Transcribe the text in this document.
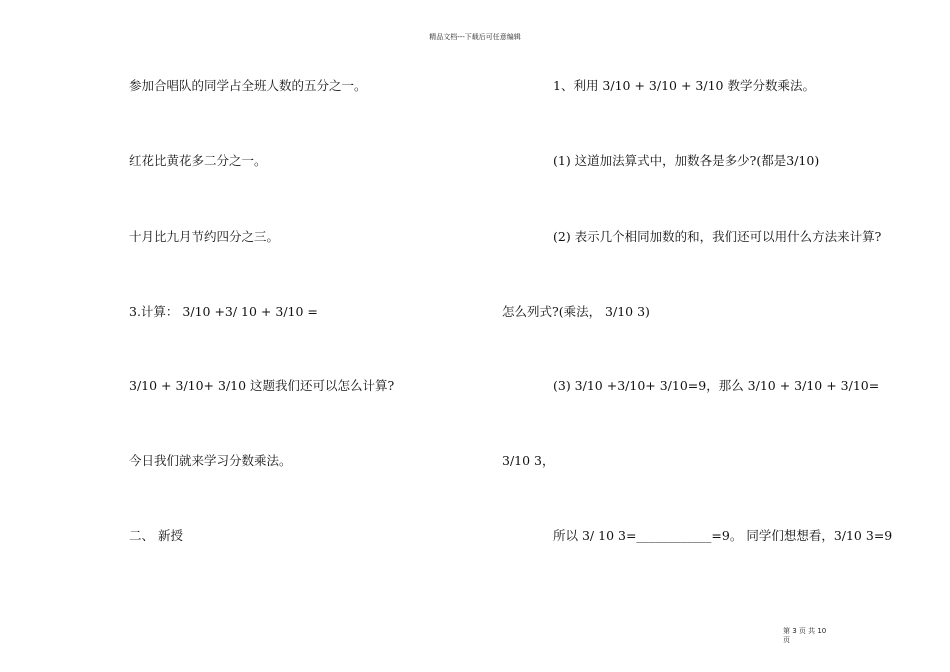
精品文档---下载后可任意编辑
参加合唱队的同学占全班人数的五分之一。
红花比黄花多二分之一。
十月比九月节约四分之三。
3.计算： 3/10 +3/ 10 + 3/10 =
3/10 + 3/10+ 3/10 这题我们还可以怎么计算?
今日我们就来学习分数乘法。
二、 新授
1、利用 3/10 + 3/10 + 3/10 教学分数乘法。
(1) 这道加法算式中，加数各是多少?(都是3/10)
(2) 表示几个相同加数的和，我们还可以用什么方法来计算?
怎么列式?(乘法， 3/10 3)
(3) 3/10 +3/10+ 3/10=9，那么 3/10 + 3/10 + 3/10=
3/10 3，
所以 3/ 10 3=____________=9。 同学们想想看，3/10 3=9
第 3 页 共 10
页
